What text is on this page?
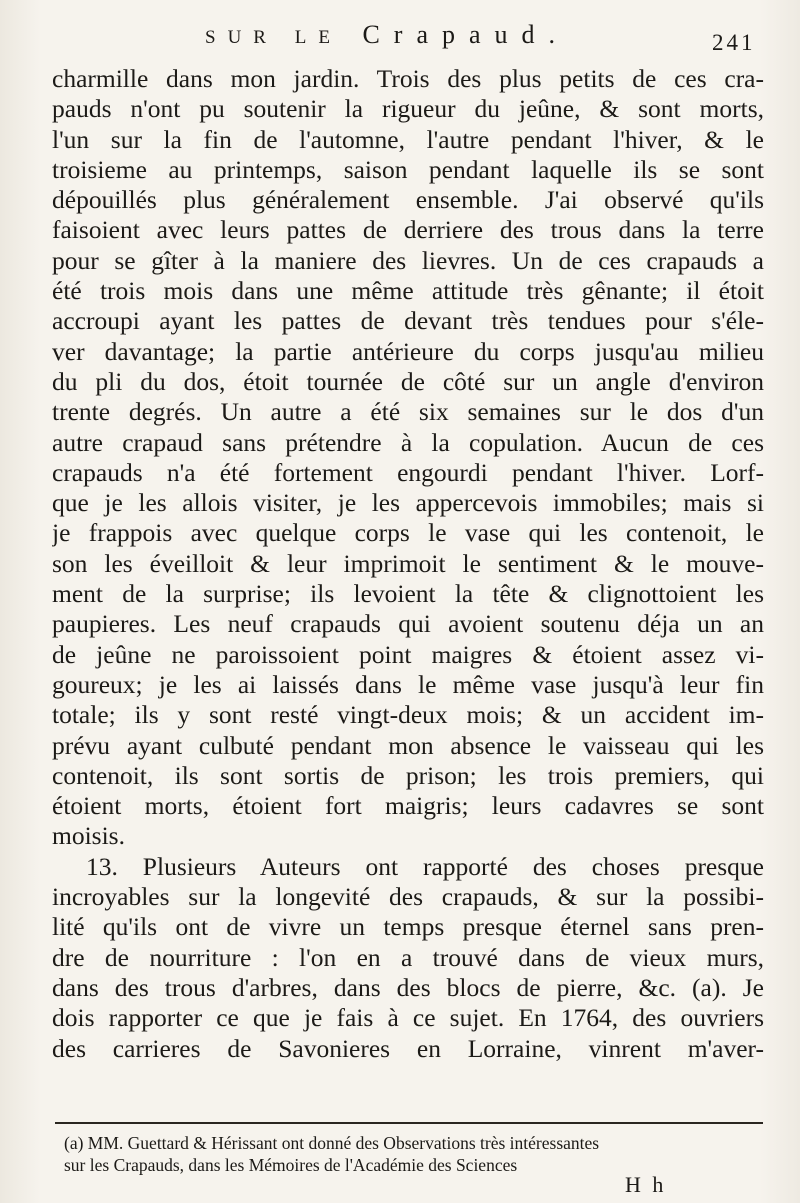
SUR LE Crapaud.	241
charmille dans mon jardin. Trois des plus petits de ces cra-
pauds n'ont pu soutenir la rigueur du jeûne, & sont morts,
l'un sur la fin de l'automne, l'autre pendant l'hiver, & le
troisieme au printemps, saison pendant laquelle ils se sont
dépouillés plus généralement ensemble. J'ai observé qu'ils
faisoient avec leurs pattes de derriere des trous dans la terre
pour se gîter à la maniere des lievres. Un de ces crapauds a
été trois mois dans une même attitude très gênante; il étoit
accroupi ayant les pattes de devant très tendues pour s'éle-
ver davantage; la partie antérieure du corps jusqu'au milieu
du pli du dos, étoit tournée de côté sur un angle d'environ
trente degrés. Un autre a été six semaines sur le dos d'un
autre crapaud sans prétendre à la copulation. Aucun de ces
crapauds n'a été fortement engourdi pendant l'hiver. Lorf-
que je les allois visiter, je les appercevois immobiles; mais si
je frappois avec quelque corps le vase qui les contenoit, le
son les éveilloit & leur imprimoit le sentiment & le mouve-
ment de la surprise; ils levoient la tête & clignottoient les
paupieres. Les neuf crapauds qui avoient soutenu déja un an
de jeûne ne paroissoient point maigres & étoient assez vi-
goureux; je les ai laissés dans le même vase jusqu'à leur fin
totale; ils y sont resté vingt-deux mois; & un accident im-
prévu ayant culbuté pendant mon absence le vaisseau qui les
contenoit, ils sont sortis de prison; les trois premiers, qui
étoient morts, étoient fort maigris; leurs cadavres se sont
moisis.
13. Plusieurs Auteurs ont rapporté des choses presque
incroyables sur la longevité des crapauds, & sur la possibi-
lité qu'ils ont de vivre un temps presque éternel sans pren-
dre de nourriture : l'on en a trouvé dans de vieux murs,
dans des trous d'arbres, dans des blocs de pierre, &c. (a). Je
dois rapporter ce que je fais à ce sujet. En 1764, des ouvriers
des carrieres de Savonieres en Lorraine, vinrent m'aver-
(a) MM. Guettard & Hérissant ont donné des Observations très intéressantes
sur les Crapauds, dans les Mémoires de l'Académie des Sciences
H h
